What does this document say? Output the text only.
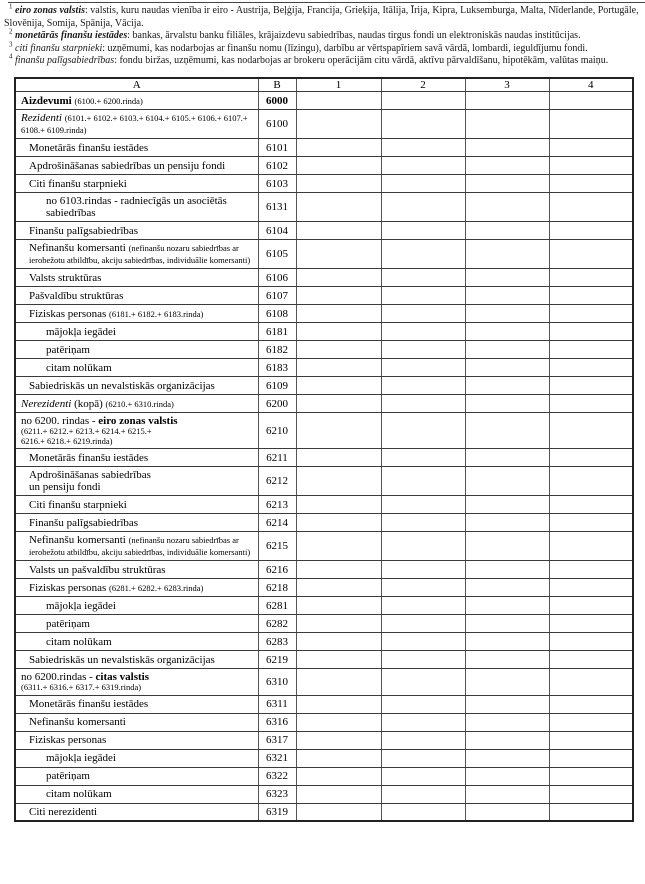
$^1$ eiro zonas valstis: valstis, kuru naudas vienība ir eiro - Austrija, Beļģija, Francija, Grieķija, Itālija, Īrija, Kipra, Luksemburga, Malta, Nīderlande, Portugāle, Slovēnija, Somija, Spānija, Vācija.
$^2$ monetārās finanšu iestādes: bankas, ārvalstu banku filiāles, krājaizdevu sabiedrības, naudas tirgus fondi un elektroniskās naudas institūcijas.
$^3$ citi finanšu starpnieki: uzņēmumi, kas nodarbojas ar finanšu nomu (līzingu), darbību ar vērtspapīriem savā vārdā, lombardi, ieguldījumu fondi.
$^4$ finanšu palīgsabiedrības: fondu biržas, uzņēmumi, kas nodarbojas ar brokeru operācijām citu vārdā, aktīvu pārvaldīšanu, hipotēkām, valūtas maiņu.
A	B	1	2	3	4
Aizdevumi (6100.+ 6200.rinda)	6000				
Rezidenti (6101.+ 6102.+ 6103.+ 6104.+ 6105.+ 6106.+ 6107.+ 6108.+ 6109.rinda)	6100				
Monetārās finanšu iestādes	6101				
Apdrošināšanas sabiedrības un pensiju fondi	6102				
Citi finanšu starpnieki	6103				
no 6103.rindas - radniecīgās un asociētās sabiedrības	6131				
Finanšu palīgsabiedrības	6104				
Nefinanšu komersanti (nefinanšu nozaru sabiedrības ar ierobežotu atbildību, akciju sabiedrības, individuālie komersanti)	6105				
Valsts struktūras	6106				
Pašvaldību struktūras	6107				
Fiziskas personas (6181.+ 6182.+ 6183.rinda)	6108				
mājokļa iegādei	6181				
patēriņam	6182				
citam nolūkam	6183				
Sabiedriskās un nevalstiskās organizācijas	6109				
Nerezidenti (kopā) (6210.+ 6310.rinda)	6200				
no 6200. rindas - eiro zonas valstis
(6211.+ 6212.+ 6213.+ 6214.+ 6215.+
6216.+ 6218.+ 6219.rinda)	6210				
Monetārās finanšu iestādes	6211				
Apdrošināšanas sabiedrības
un pensiju fondi	6212				
Citi finanšu starpnieki	6213				
Finanšu palīgsabiedrības	6214				
Nefinanšu komersanti (nefinanšu nozaru sabiedrības ar ierobežotu atbildību, akciju sabiedrības, individuālie komersanti)	6215				
Valsts un pašvaldību struktūras	6216				
Fiziskas personas (6281.+ 6282.+ 6283.rinda)	6218				
mājokļa iegādei	6281				
patēriņam	6282				
citam nolūkam	6283				
Sabiedriskās un nevalstiskās organizācijas	6219				
no 6200.rindas - citas valstis
(6311.+ 6316.+ 6317.+ 6319.rinda)	6310				
Monetārās finanšu iestādes	6311				
Nefinanšu komersanti	6316				
Fiziskas personas	6317				
mājokļa iegādei	6321				
patēriņam	6322				
citam nolūkam	6323				
Citi nerezidenti	6319				
